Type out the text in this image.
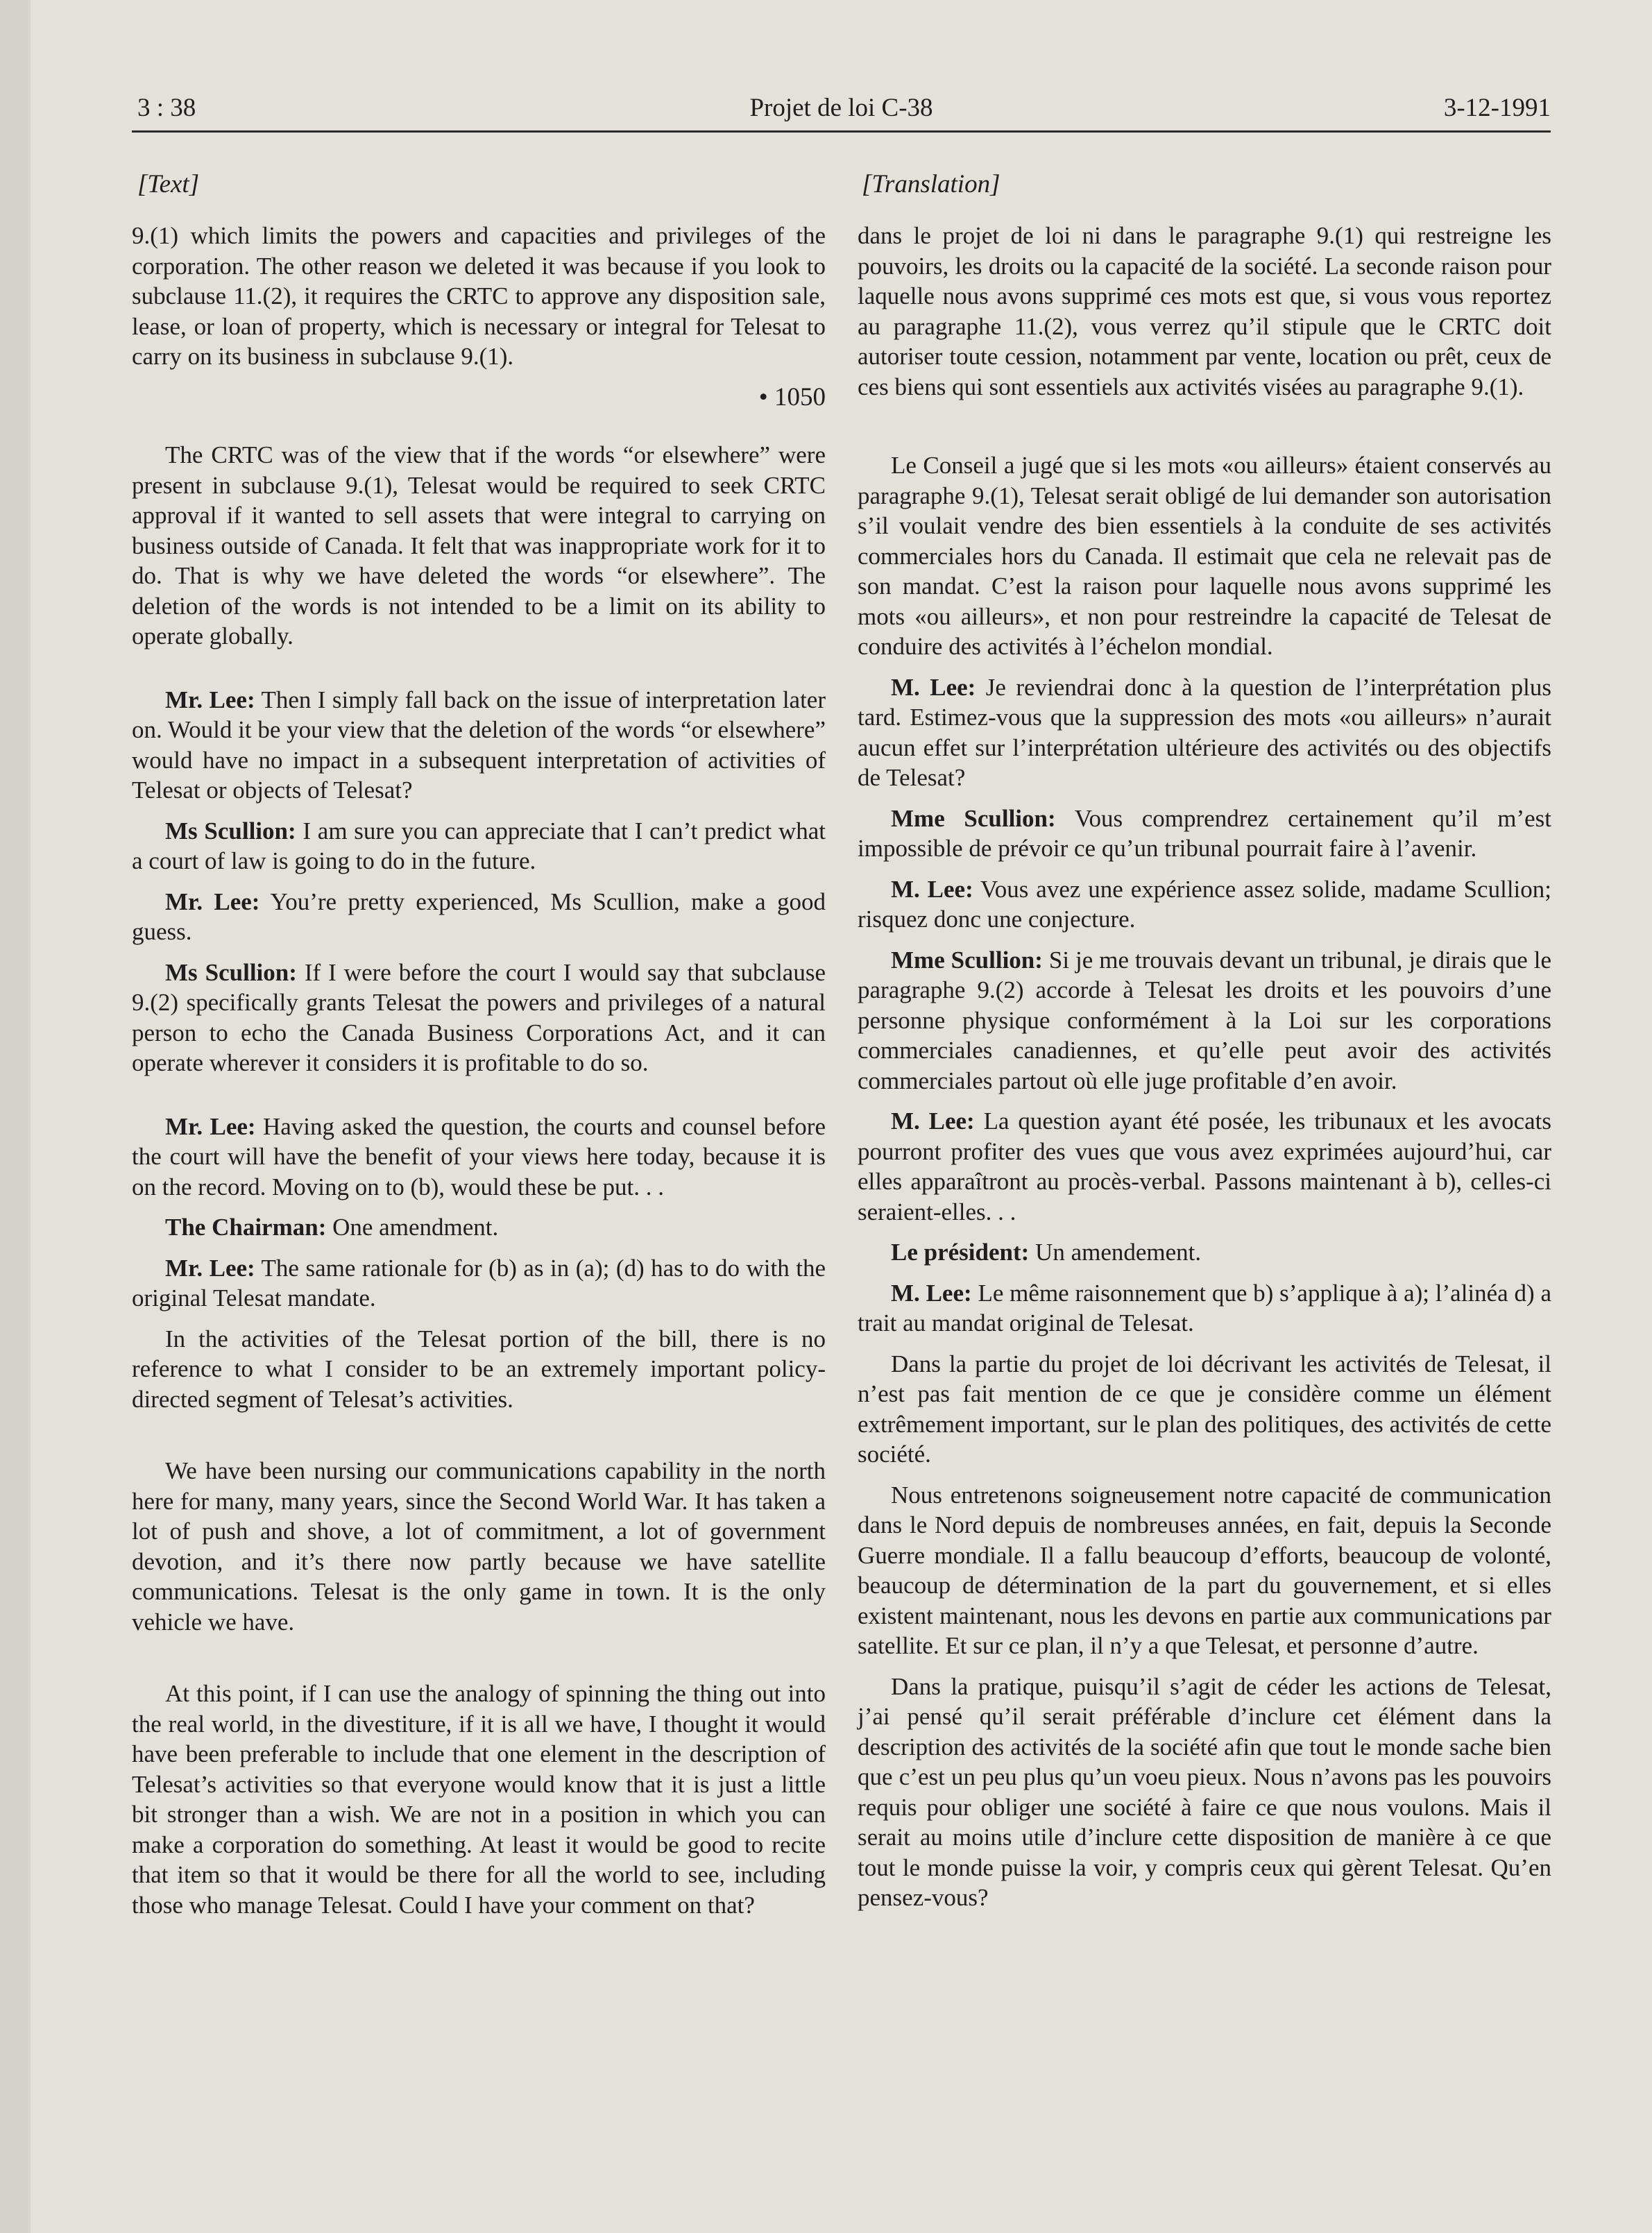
3 : 38	Projet de loi C-38	3-12-1991
[Text]	[Translation]

9.(1) which limits the powers and capacities and privileges of the corporation. The other reason we deleted it was because if you look to subclause 11.(2), it requires the CRTC to approve any disposition sale, lease, or loan of property, which is necessary or integral for Telesat to carry on its business in subclause 9.(1).

• 1050

The CRTC was of the view that if the words “or elsewhere” were present in subclause 9.(1), Telesat would be required to seek CRTC approval if it wanted to sell assets that were integral to carrying on business outside of Canada. It felt that was inappropriate work for it to do. That is why we have deleted the words “or elsewhere”. The deletion of the words is not intended to be a limit on its ability to operate globally.

Mr. Lee: Then I simply fall back on the issue of interpretation later on. Would it be your view that the deletion of the words “or elsewhere” would have no impact in a subsequent interpretation of activities of Telesat or objects of Telesat?

Ms Scullion: I am sure you can appreciate that I can’t predict what a court of law is going to do in the future.

Mr. Lee: You’re pretty experienced, Ms Scullion, make a good guess.

Ms Scullion: If I were before the court I would say that subclause 9.(2) specifically grants Telesat the powers and privileges of a natural person to echo the Canada Business Corporations Act, and it can operate wherever it considers it is profitable to do so.

Mr. Lee: Having asked the question, the courts and counsel before the court will have the benefit of your views here today, because it is on the record. Moving on to (b), would these be put. . .

The Chairman: One amendment.

Mr. Lee: The same rationale for (b) as in (a); (d) has to do with the original Telesat mandate.

In the activities of the Telesat portion of the bill, there is no reference to what I consider to be an extremely important policy-directed segment of Telesat’s activities.

We have been nursing our communications capability in the north here for many, many years, since the Second World War. It has taken a lot of push and shove, a lot of commitment, a lot of government devotion, and it’s there now partly because we have satellite communications. Telesat is the only game in town. It is the only vehicle we have.

At this point, if I can use the analogy of spinning the thing out into the real world, in the divestiture, if it is all we have, I thought it would have been preferable to include that one element in the description of Telesat’s activities so that everyone would know that it is just a little bit stronger than a wish. We are not in a position in which you can make a corporation do something. At least it would be good to recite that item so that it would be there for all the world to see, including those who manage Telesat. Could I have your comment on that?

dans le projet de loi ni dans le paragraphe 9.(1) qui restreigne les pouvoirs, les droits ou la capacité de la société. La seconde raison pour laquelle nous avons supprimé ces mots est que, si vous vous reportez au paragraphe 11.(2), vous verrez qu’il stipule que le CRTC doit autoriser toute cession, notamment par vente, location ou prêt, ceux de ces biens qui sont essentiels aux activités visées au paragraphe 9.(1).

Le Conseil a jugé que si les mots «ou ailleurs» étaient conservés au paragraphe 9.(1), Telesat serait obligé de lui demander son autorisation s’il voulait vendre des bien essentiels à la conduite de ses activités commerciales hors du Canada. Il estimait que cela ne relevait pas de son mandat. C’est la raison pour laquelle nous avons supprimé les mots «ou ailleurs», et non pour restreindre la capacité de Telesat de conduire des activités à l’échelon mondial.

M. Lee: Je reviendrai donc à la question de l’interprétation plus tard. Estimez-vous que la suppression des mots «ou ailleurs» n’aurait aucun effet sur l’interprétation ultérieure des activités ou des objectifs de Telesat?

Mme Scullion: Vous comprendrez certainement qu’il m’est impossible de prévoir ce qu’un tribunal pourrait faire à l’avenir.

M. Lee: Vous avez une expérience assez solide, madame Scullion; risquez donc une conjecture.

Mme Scullion: Si je me trouvais devant un tribunal, je dirais que le paragraphe 9.(2) accorde à Telesat les droits et les pouvoirs d’une personne physique conformément à la Loi sur les corporations commerciales canadiennes, et qu’elle peut avoir des activités commerciales partout où elle juge profitable d’en avoir.

M. Lee: La question ayant été posée, les tribunaux et les avocats pourront profiter des vues que vous avez exprimées aujourd’hui, car elles apparaîtront au procès-verbal. Passons maintenant à b), celles-ci seraient-elles. . .

Le président: Un amendement.

M. Lee: Le même raisonnement que b) s’applique à a); l’alinéa d) a trait au mandat original de Telesat.

Dans la partie du projet de loi décrivant les activités de Telesat, il n’est pas fait mention de ce que je considère comme un élément extrêmement important, sur le plan des politiques, des activités de cette société.

Nous entretenons soigneusement notre capacité de communication dans le Nord depuis de nombreuses années, en fait, depuis la Seconde Guerre mondiale. Il a fallu beaucoup d’efforts, beaucoup de volonté, beaucoup de détermination de la part du gouvernement, et si elles existent maintenant, nous les devons en partie aux communications par satellite. Et sur ce plan, il n’y a que Telesat, et personne d’autre.

Dans la pratique, puisqu’il s’agit de céder les actions de Telesat, j’ai pensé qu’il serait préférable d’inclure cet élément dans la description des activités de la société afin que tout le monde sache bien que c’est un peu plus qu’un voeu pieux. Nous n’avons pas les pouvoirs requis pour obliger une société à faire ce que nous voulons. Mais il serait au moins utile d’inclure cette disposition de manière à ce que tout le monde puisse la voir, y compris ceux qui gèrent Telesat. Qu’en pensez-vous?
